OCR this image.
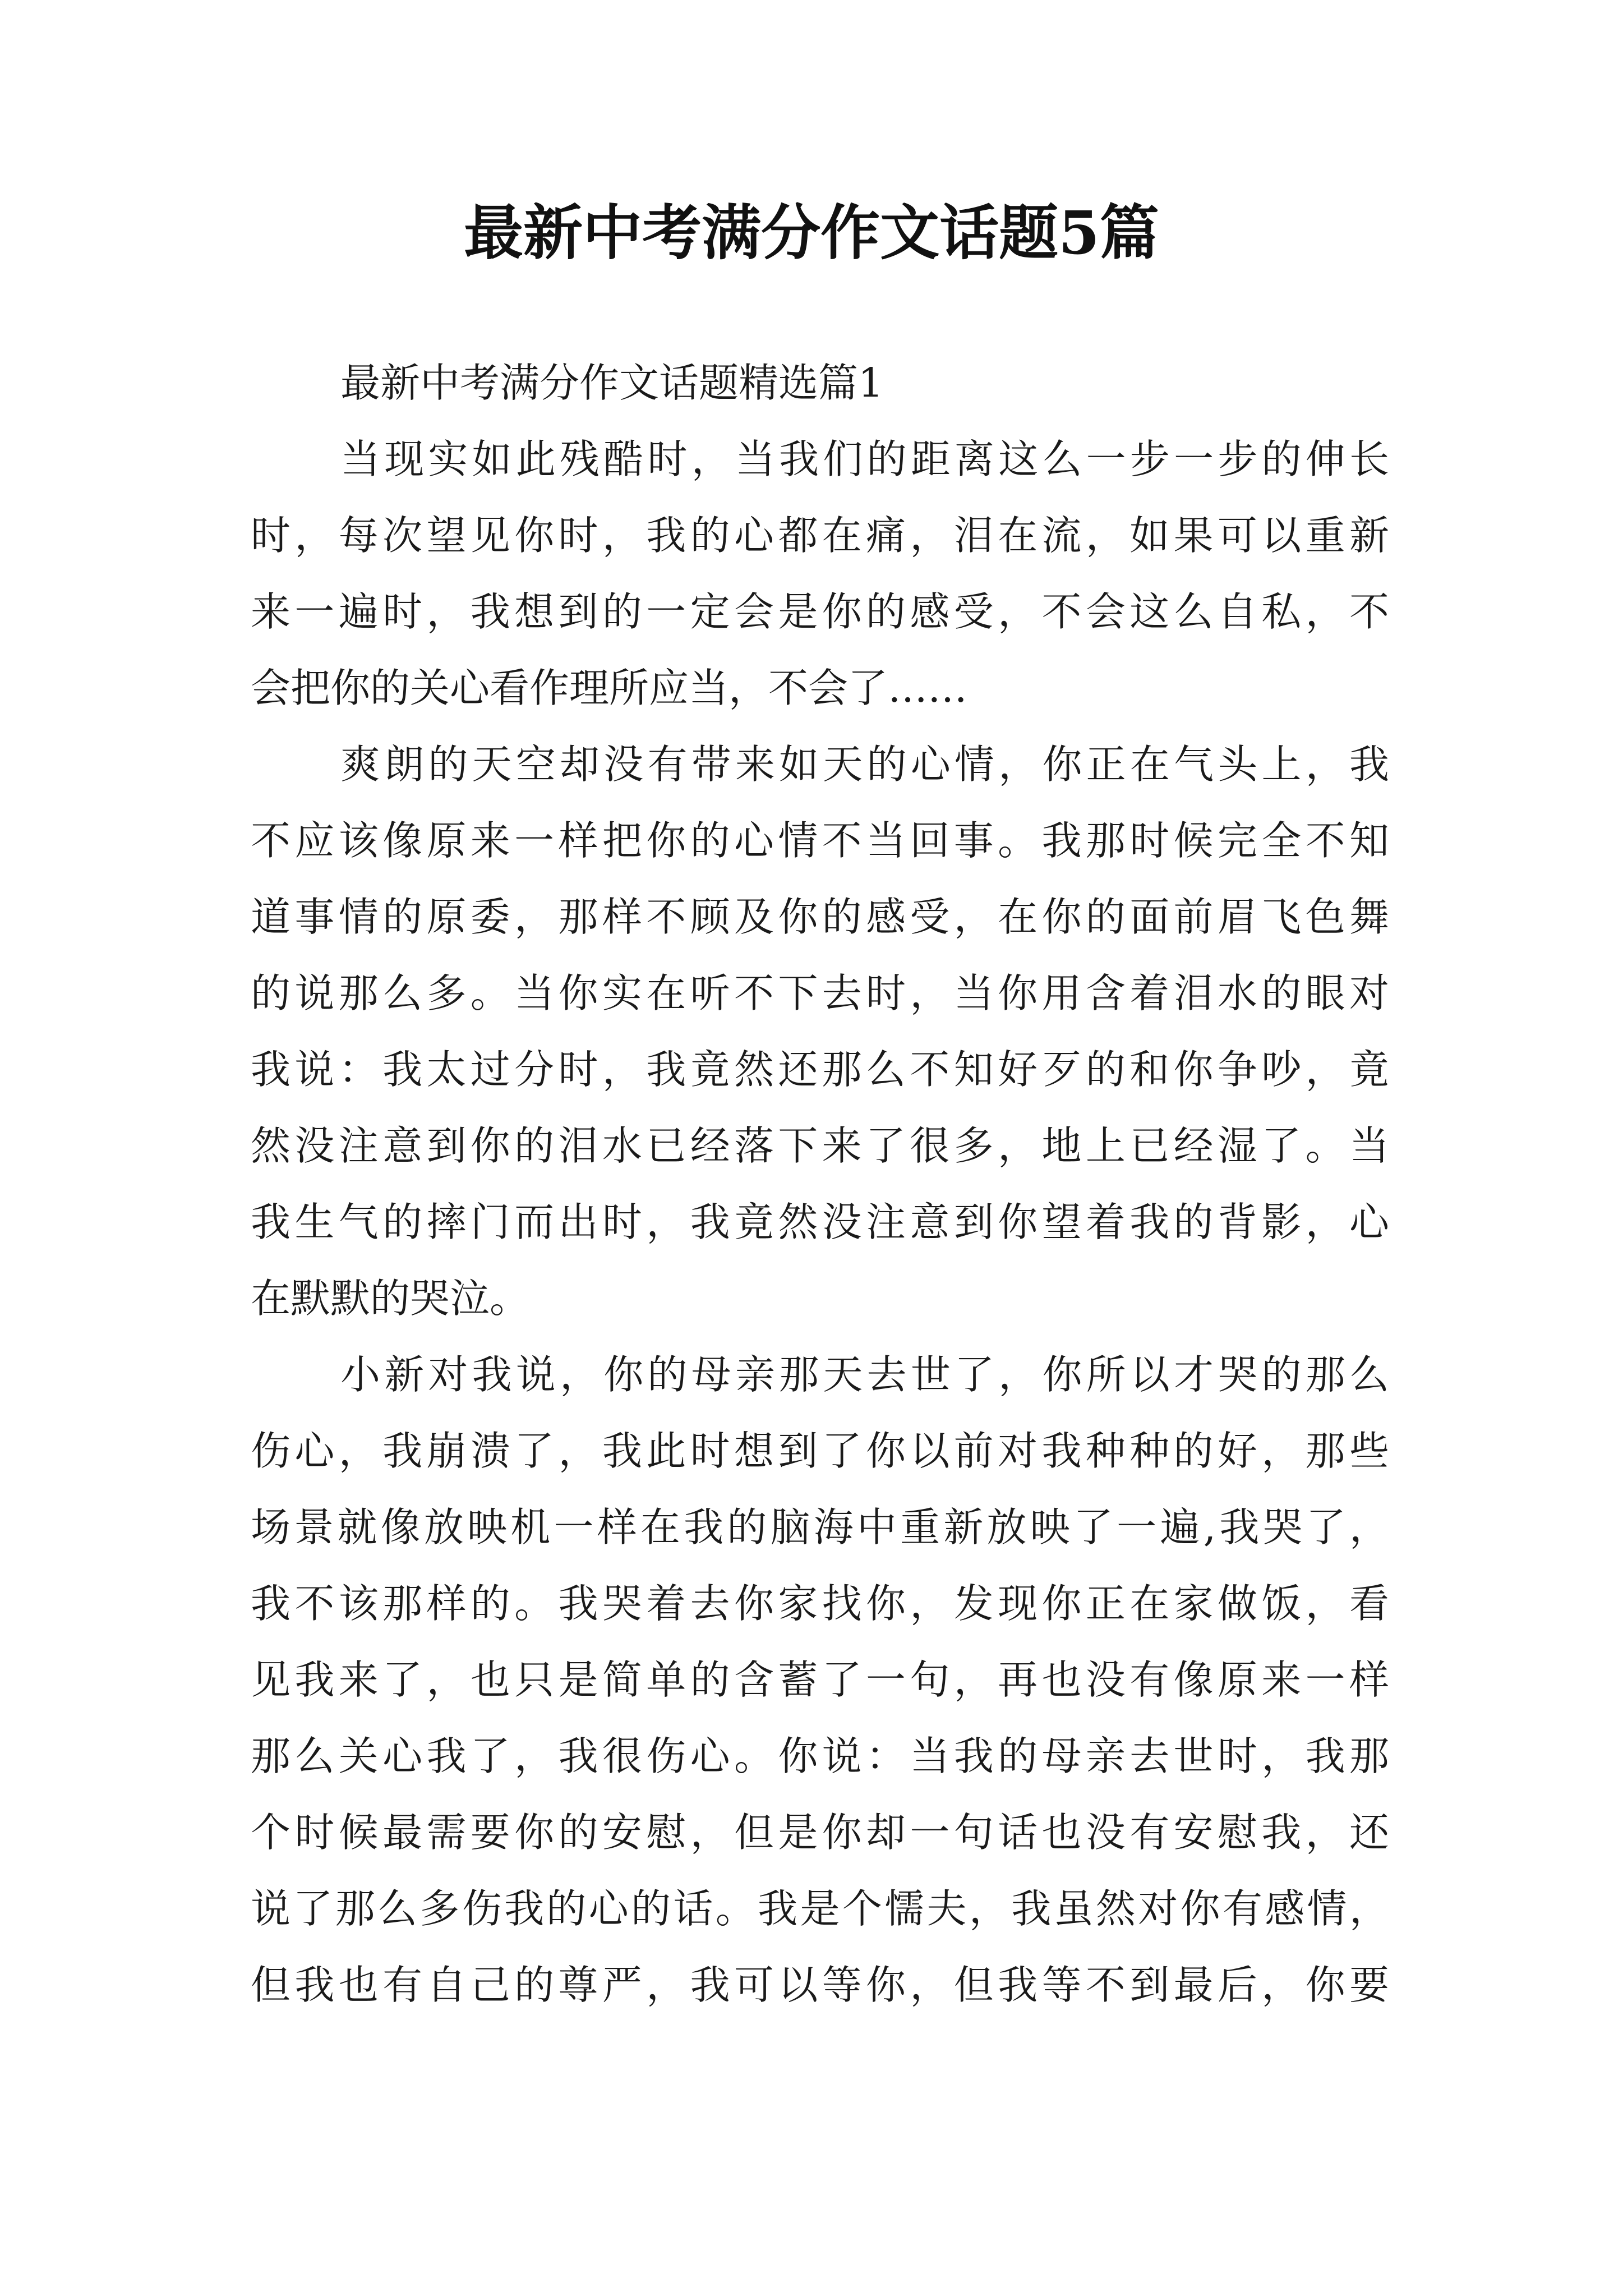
最新中考满分作文话题5篇
最新中考满分作文话题精选篇1
当现实如此残酷时，当我们的距离这么一步一步的伸长
时，每次望见你时，我的心都在痛，泪在流，如果可以重新
来一遍时，我想到的一定会是你的感受，不会这么自私，不
会把你的关心看作理所应当，不会了……
爽朗的天空却没有带来如天的心情，你正在气头上，我
不应该像原来一样把你的心情不当回事。我那时候完全不知
道事情的原委，那样不顾及你的感受，在你的面前眉飞色舞
的说那么多。当你实在听不下去时，当你用含着泪水的眼对
我说：我太过分时，我竟然还那么不知好歹的和你争吵，竟
然没注意到你的泪水已经落下来了很多，地上已经湿了。当
我生气的摔门而出时，我竟然没注意到你望着我的背影，心
在默默的哭泣。
小新对我说，你的母亲那天去世了，你所以才哭的那么
伤心，我崩溃了，我此时想到了你以前对我种种的好，那些
场景就像放映机一样在我的脑海中重新放映了一遍,我哭了，
我不该那样的。我哭着去你家找你，发现你正在家做饭，看
见我来了，也只是简单的含蓄了一句，再也没有像原来一样
那么关心我了，我很伤心。你说：当我的母亲去世时，我那
个时候最需要你的安慰，但是你却一句话也没有安慰我，还
说了那么多伤我的心的话。我是个懦夫，我虽然对你有感情，
但我也有自己的尊严，我可以等你，但我等不到最后，你要
